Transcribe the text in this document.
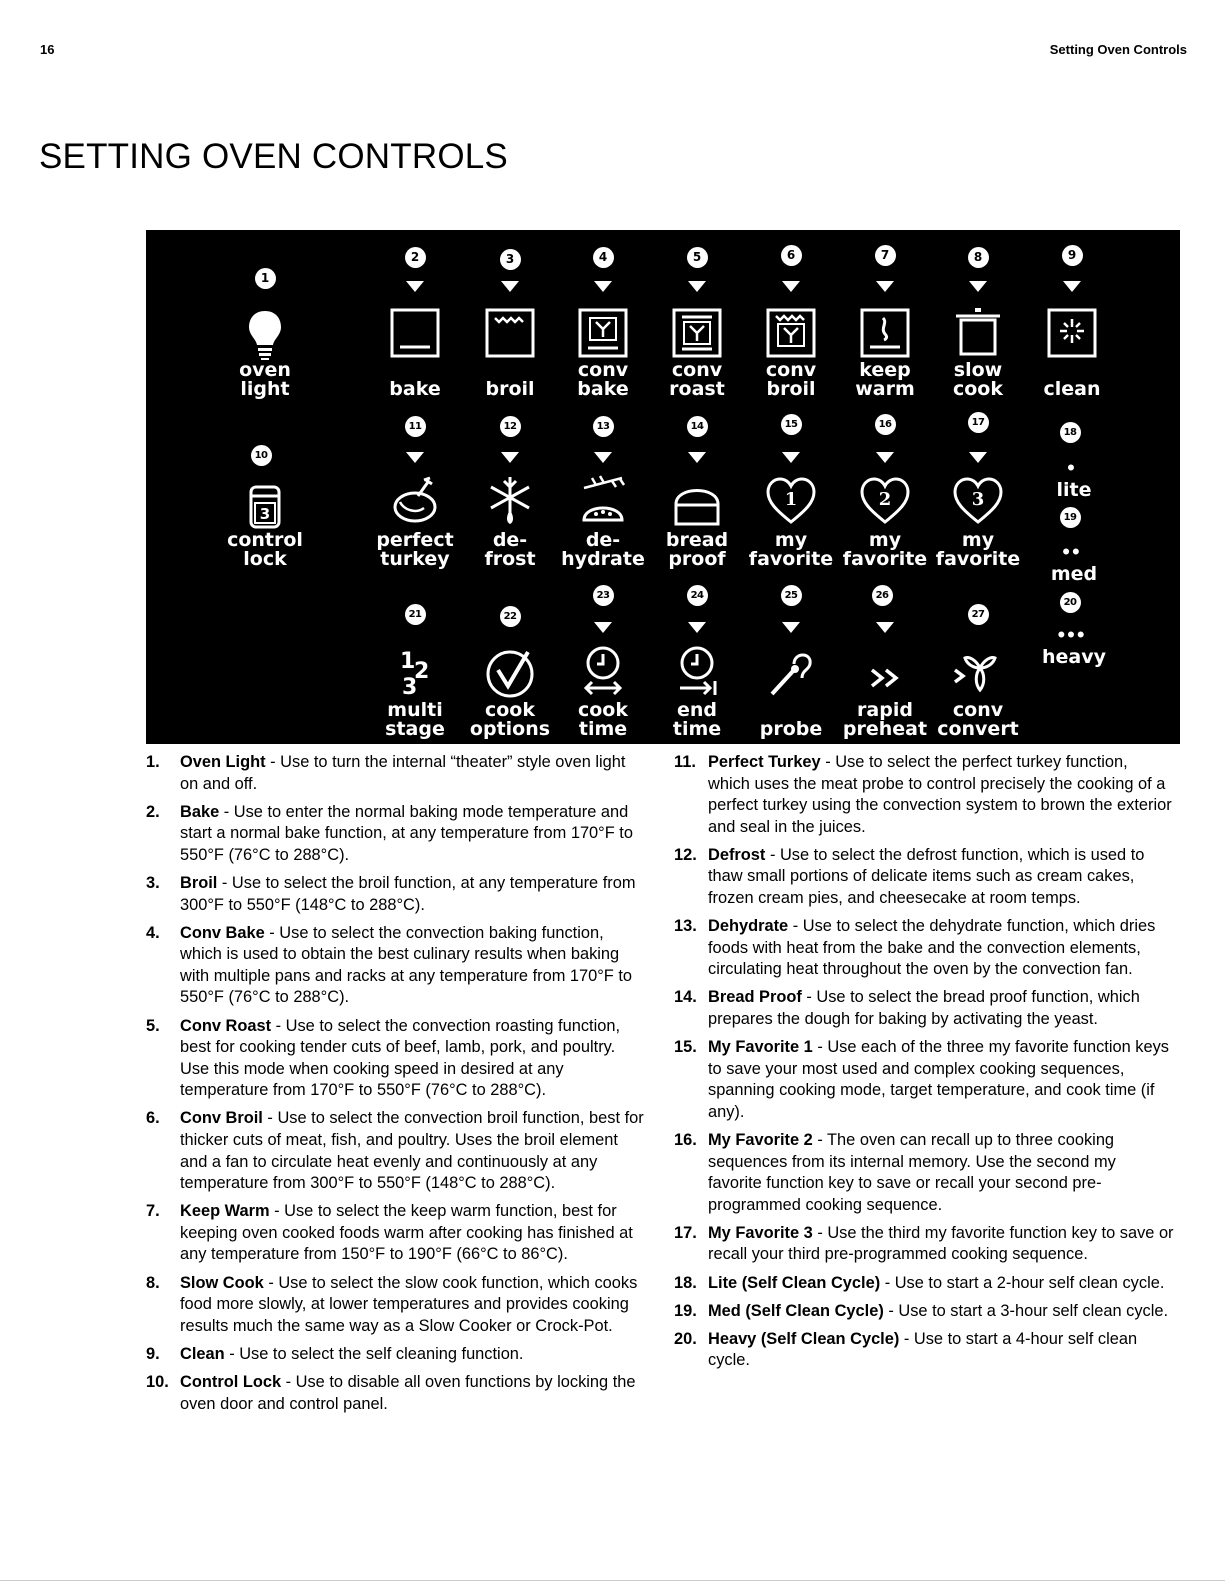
16	Setting Oven Controls
SETTING OVEN CONTROLS
1
oven
light
2
bake
3
broil
4
conv
bake
5
conv
roast
6
conv
broil
7
keep
warm
8
slow
cook
9
clean
10
3
control
lock
11
perfect
turkey
12
de-
frost
13
de-
hydrate
14
bread
proof
15
1
my
favorite
16
2
my
favorite
17
3
my
favorite
18
•
lite
19
••
med
20
•••
heavy
21
1
2
3
multi
stage
22
cook
options
23
cook
time
24
end
time
25
probe
26
rapid
preheat
27
conv
convert
1. Oven Light - Use to turn the internal “theater” style oven light on and off.
2. Bake - Use to enter the normal baking mode temperature and start a normal bake function, at any temperature from 170°F to 550°F (76°C to 288°C).
3. Broil - Use to select the broil function, at any temperature from 300°F to 550°F (148°C to 288°C).
4. Conv Bake - Use to select the convection baking function, which is used to obtain the best culinary results when baking with multiple pans and racks at any temperature from 170°F to 550°F (76°C to 288°C).
5. Conv Roast - Use to select the convection roasting function, best for cooking tender cuts of beef, lamb, pork, and poultry. Use this mode when cooking speed in desired at any temperature from 170°F to 550°F (76°C to 288°C).
6. Conv Broil - Use to select the convection broil function, best for thicker cuts of meat, fish, and poultry. Uses the broil element and a fan to circulate heat evenly and continuously at any temperature from 300°F to 550°F (148°C to 288°C).
7. Keep Warm - Use to select the keep warm function, best for keeping oven cooked foods warm after cooking has finished at any temperature from 150°F to 190°F (66°C to 86°C).
8. Slow Cook - Use to select the slow cook function, which cooks food more slowly, at lower temperatures and provides cooking results much the same way as a Slow Cooker or Crock-Pot.
9. Clean - Use to select the self cleaning function.
10. Control Lock - Use to disable all oven functions by locking the oven door and control panel.
11. Perfect Turkey - Use to select the perfect turkey function, which uses the meat probe to control precisely the cooking of a perfect turkey using the convection system to brown the exterior and seal in the juices.
12. Defrost - Use to select the defrost function, which is used to thaw small portions of delicate items such as cream cakes, frozen cream pies, and cheesecake at room temps.
13. Dehydrate - Use to select the dehydrate function, which dries foods with heat from the bake and the convection elements, circulating heat throughout the oven by the convection fan.
14. Bread Proof - Use to select the bread proof function, which prepares the dough for baking by activating the yeast.
15. My Favorite 1 - Use each of the three my favorite function keys to save your most used and complex cooking sequences, spanning cooking mode, target temperature, and cook time (if any).
16. My Favorite 2 - The oven can recall up to three cooking sequences from its internal memory. Use the second my favorite function key to save or recall your second pre-programmed cooking sequence.
17. My Favorite 3 - Use the third my favorite function key to save or recall your third pre-programmed cooking sequence.
18. Lite (Self Clean Cycle) - Use to start a 2-hour self clean cycle.
19. Med (Self Clean Cycle) - Use to start a 3-hour self clean cycle.
20. Heavy (Self Clean Cycle) - Use to start a 4-hour self clean cycle.
